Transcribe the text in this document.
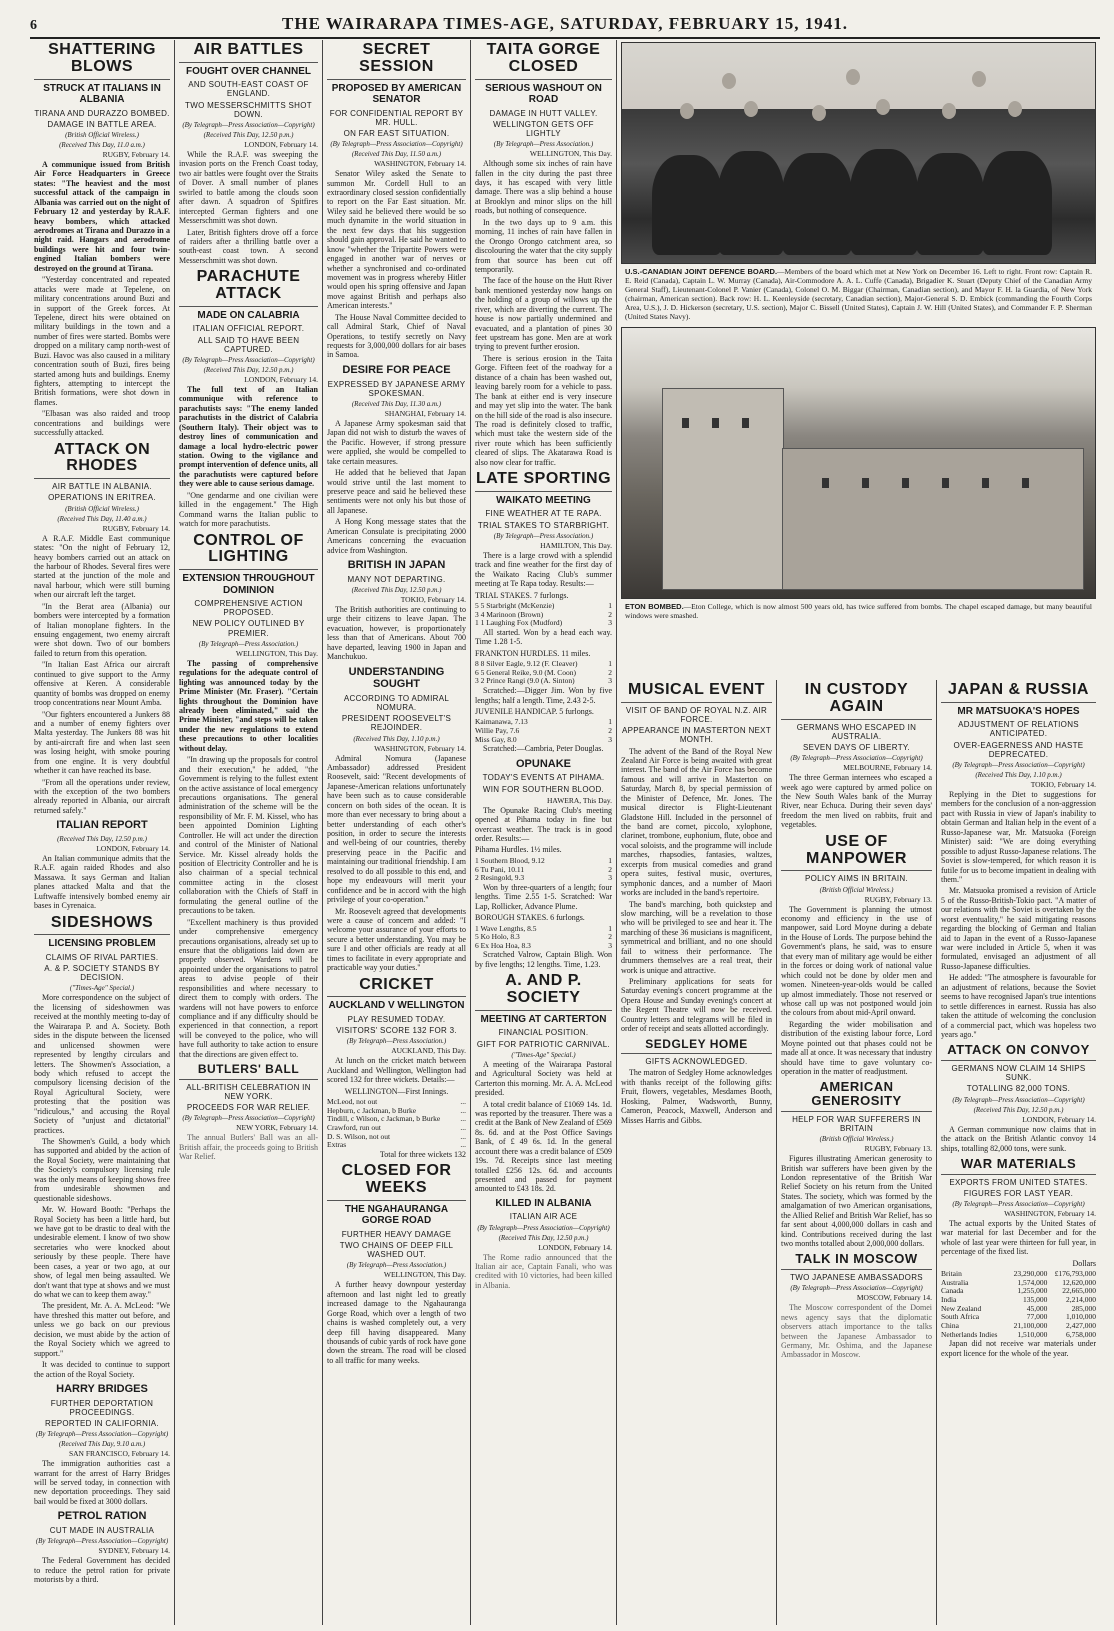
6	THE WAIRARAPA TIMES-AGE, SATURDAY, FEBRUARY 15, 1941.
SHATTERING BLOWS
STRUCK AT ITALIANS IN ALBANIA
TIRANA AND DURAZZO BOMBED.
DAMAGE IN BATTLE AREA.
(British Official Wireless.)
(Received This Day, 11.0 a.m.)
RUGBY, February 14.

A communique issued from British Air Force Headquarters in Greece states: "The heaviest and the most successful attack of the campaign in Albania was carried out on the night of February 12 and yesterday by R.A.F. heavy bombers, which attacked aerodromes at Tirana and Durazzo in a night raid. Hangars and aerodrome buildings were hit and four twin-engined Italian bombers were destroyed on the ground at Tirana.

"Yesterday concentrated and repeated attacks were made at Tepelene, on military concentrations around Buzi and in support of the Greek forces. At Tepelene, direct hits were obtained on military buildings in the town and a number of fires were started. Bombs were dropped on a military camp north-west of Buzi. Havoc was also caused in a military concentration south of Buzi, fires being started among huts and buildings. Enemy fighters, attempting to intercept the British formations, were shot down in flames.

"Elbasan was also raided and troop concentrations and buildings were successfully attacked.

ATTACK ON RHODES
AIR BATTLE IN ALBANIA.
OPERATIONS IN ERITREA.
(British Official Wireless.)
(Received This Day, 11.40 a.m.)
RUGBY, February 14.

A R.A.F. Middle East communique states: "On the night of February 12, heavy bombers carried out an attack on the harbour of Rhodes. Several fires were started at the junction of the mole and naval harbour, which were still burning when our aircraft left the target.

"In the Berat area (Albania) our bombers were intercepted by a formation of Italian monoplane fighters. In the ensuing engagement, two enemy aircraft were shot down. Two of our bombers failed to return from this operation.

"In Italian East Africa our aircraft continued to give support to the Army offensive at Keren. A considerable quantity of bombs was dropped on enemy troop concentrations near Mount Amba.

"Our fighters encountered a Junkers 88 and a number of enemy fighters over Malta yesterday. The Junkers 88 was hit by anti-aircraft fire and when last seen was losing height, with smoke pouring from one engine. It is very doubtful whether it can have reached its base.

"From all the operations under review, with the exception of the two bombers already reported in Albania, our aircraft returned safely."

ITALIAN REPORT
(Received This Day, 12.50 p.m.)
LONDON, February 14.

An Italian communique admits that the R.A.F. again raided Rhodes and also Massawa. It says German and Italian planes attacked Malta and that the Luftwaffe intensively bombed enemy air bases in Cyrenaica.

SIDESHOWS
LICENSING PROBLEM
CLAIMS OF RIVAL PARTIES.
A. & P. SOCIETY STANDS BY DECISION.
("Times-Age" Special.)

More correspondence on the subject of the licensing of sideshowmen was received at the monthly meeting to-day of the Wairarapa P. and A. Society. Both sides in the dispute between the licensed and unlicensed showmen were represented by lengthy circulars and letters. The Showmen's Association, a body which refused to accept the compulsory licensing decision of the Royal Agricultural Society, were protesting that the position was "ridiculous," and accusing the Royal Society of "unjust and dictatorial" practices.

The Showmen's Guild, a body which has supported and abided by the action of the Royal Society, were maintaining that the Society's compulsory licensing rule was the only means of keeping shows free from undesirable showmen and questionable sideshows.

Mr. W. Howard Booth: "Perhaps the Royal Society has been a little hard, but we have got to be drastic to deal with the undesirable element. I know of two show secretaries who were knocked about seriously by these people. There have been cases, a year or two ago, at our show, of legal men being assaulted. We don't want that type at shows and we must do what we can to keep them away."

The president, Mr. A. A. McLeod: "We have threshed this matter out before, and unless we go back on our previous decision, we must abide by the action of the Royal Society which we agreed to support."

It was decided to continue to support the action of the Royal Society.

HARRY BRIDGES
FURTHER DEPORTATION PROCEEDINGS.
REPORTED IN CALIFORNIA.
(By Telegraph—Press Association—Copyright)
(Received This Day, 9.10 a.m.)
SAN FRANCISCO, February 14.

The immigration authorities cast a warrant for the arrest of Harry Bridges will be served today, in connection with new deportation proceedings. They said bail would be fixed at 3000 dollars.

PETROL RATION
CUT MADE IN AUSTRALIA
(By Telegraph—Press Association—Copyright)
SYDNEY, February 14.

The Federal Government has decided to reduce the petrol ration for private motorists by a third.

AIR BATTLES
FOUGHT OVER CHANNEL
AND SOUTH-EAST COAST OF ENGLAND.
TWO MESSERSCHMITTS SHOT DOWN.
(By Telegraph—Press Association—Copyright)
(Received This Day, 12.50 p.m.)
LONDON, February 14.

While the R.A.F. was sweeping the invasion ports on the French Coast today, two air battles were fought over the Straits of Dover. A small number of planes swirled to battle among the clouds soon after dawn. A squadron of Spitfires intercepted German fighters and one Messerschmitt was shot down.

Later, British fighters drove off a force of raiders after a thrilling battle over a south-east coast town. A second Messerschmitt was shot down.

PARACHUTE ATTACK
MADE ON CALABRIA
ITALIAN OFFICIAL REPORT.
ALL SAID TO HAVE BEEN CAPTURED.
(By Telegraph—Press Association—Copyright)
(Received This Day, 12.50 p.m.)
LONDON, February 14.

The full text of an Italian communique with reference to parachutists says: "The enemy landed parachutists in the district of Calabria (Southern Italy). Their object was to destroy lines of communication and damage a local hydro-electric power station. Owing to the vigilance and prompt intervention of defence units, all the parachutists were captured before they were able to cause serious damage.

"One gendarme and one civilian were killed in the engagement." The High Command warns the Italian public to watch for more parachutists.

CONTROL OF LIGHTING
EXTENSION THROUGHOUT DOMINION
COMPREHENSIVE ACTION PROPOSED.
NEW POLICY OUTLINED BY PREMIER.
(By Telegraph—Press Association.)
WELLINGTON, This Day.

The passing of comprehensive regulations for the adequate control of lighting was announced today by the Prime Minister (Mr. Fraser). "Certain lights throughout the Dominion have already been eliminated," said the Prime Minister, "and steps will be taken under the new regulations to extend these precautions to other localities without delay.

"In drawing up the proposals for control and their execution," he added, "the Government is relying to the fullest extent on the active assistance of local emergency precautions organisations. The general administration of the scheme will be the responsibility of Mr. F. M. Kissel, who has been appointed Dominion Lighting Controller. He will act under the direction and control of the Minister of National Service. Mr. Kissel already holds the position of Electricity Controller and he is also chairman of a special technical committee acting in the closest collaboration with the Chiefs of Staff in formulating the general outline of the precautions to be taken.

"Excellent machinery is thus provided under comprehensive emergency precautions organisations, already set up to ensure that the obligations laid down are properly observed. Wardens will be appointed under the organisations to patrol areas to advise people of their responsibilities and where necessary to direct them to comply with orders. The wardens will not have powers to enforce compliance and if any difficulty should be experienced in that connection, a report will be conveyed to the police, who will have full authority to take action to ensure that the directions are given effect to.

BUTLERS' BALL
ALL-BRITISH CELEBRATION IN NEW YORK.
PROCEEDS FOR WAR RELIEF.
(By Telegraph—Press Association—Copyright)
NEW YORK, February 14.

The annual Butlers' Ball was an all-British affair, the proceeds going to British War Relief.

SECRET SESSION
PROPOSED BY AMERICAN SENATOR
FOR CONFIDENTIAL REPORT BY MR. HULL.
ON FAR EAST SITUATION.
(By Telegraph—Press Association—Copyright)
(Received This Day, 11.50 a.m.)
WASHINGTON, February 14.

Senator Wiley asked the Senate to summon Mr. Cordell Hull to an extraordinary closed session confidentially to report on the Far East situation. Mr. Wiley said he believed there would be so much dynamite in the world situation in the next few days that his suggestion should gain approval. He said he wanted to know "whether the Tripartite Powers were engaged in another war of nerves or whether a synchronised and co-ordinated movement was in progress whereby Hitler would open his spring offensive and Japan move against British and perhaps also American interests."

The House Naval Committee decided to call Admiral Stark, Chief of Naval Operations, to testify secretly on Navy requests for 3,000,000 dollars for air bases in Samoa.

DESIRE FOR PEACE
EXPRESSED BY JAPANESE ARMY SPOKESMAN.
(Received This Day, 11.30 a.m.)
SHANGHAI, February 14.

A Japanese Army spokesman said that Japan did not wish to disturb the waves of the Pacific. However, if strong pressure were applied, she would be compelled to take certain measures.

He added that he believed that Japan would strive until the last moment to preserve peace and said he believed these sentiments were not only his but those of all Japanese.

A Hong Kong message states that the American Consulate is precipitating 2000 Americans concerning the evacuation advice from Washington.

BRITISH IN JAPAN
MANY NOT DEPARTING.
(Received This Day, 12.50 p.m.)
TOKIO, February 14.

The British authorities are continuing to urge their citizens to leave Japan. The evacuation, however, is proportionately less than that of Americans. About 700 have departed, leaving 1900 in Japan and Manchukuo.

UNDERSTANDING SOUGHT
ACCORDING TO ADMIRAL NOMURA.
PRESIDENT ROOSEVELT'S REJOINDER.
(Received This Day, 1.10 p.m.)
WASHINGTON, February 14.

Admiral Nomura (Japanese Ambassador) addressed President Roosevelt, said: "Recent developments of Japanese-American relations unfortunately have been such as to cause considerable concern on both sides of the ocean. It is more than ever necessary to bring about a better understanding of each other's position, in order to secure the interests and well-being of our countries, thereby preserving peace in the Pacific and maintaining our traditional friendship. I am resolved to do all possible to this end, and hope my endeavours will merit your confidence and be in accord with the high privilege of your co-operation."

Mr. Roosevelt agreed that developments were a cause of concern and added: "I welcome your assurance of your efforts to secure a better understanding. You may be sure I and other officials are ready at all times to facilitate in every appropriate and practicable way your duties."

CRICKET
AUCKLAND V WELLINGTON
PLAY RESUMED TODAY.
VISITORS' SCORE 132 FOR 3.
(By Telegraph—Press Association.)
AUCKLAND, This Day.

At lunch on the cricket match between Auckland and Wellington, Wellington had scored 132 for three wickets. Details:—

WELLINGTON—First Innings.

McLeod, not out	...
Hepburn, c Jackman, b Burke	...
Tindill, c Wilson, c Jackman, b Burke	...
Crawford, run out	...
D. S. Wilson, not out	...
Extras	...

Total for three wickets 132

CLOSED FOR WEEKS
THE NGAHAURANGA GORGE ROAD
FURTHER HEAVY DAMAGE
TWO CHAINS OF DEEP FILL WASHED OUT.
(By Telegraph—Press Association.)
WELLINGTON, This Day.

A further heavy downpour yesterday afternoon and last night led to greatly increased damage to the Ngahauranga Gorge Road, which over a length of two chains is washed completely out, a very deep fill having disappeared. Many thousands of cubic yards of rock have gone down the stream. The road will be closed to all traffic for many weeks.

TAITA GORGE CLOSED
SERIOUS WASHOUT ON ROAD
DAMAGE IN HUTT VALLEY.
WELLINGTON GETS OFF LIGHTLY
(By Telegraph—Press Association.)
WELLINGTON, This Day.

Although some six inches of rain have fallen in the city during the past three days, it has escaped with very little damage. There was a slip behind a house at Brooklyn and minor slips on the hill roads, but nothing of consequence.

In the two days up to 9 a.m. this morning, 11 inches of rain have fallen in the Orongo Orongo catchment area, so discolouring the water that the city supply from that source has been cut off temporarily.

The face of the house on the Hutt River bank mentioned yesterday now hangs on the holding of a group of willows up the river, which are diverting the current. The house is now partially undermined and evacuated, and a plantation of pines 30 feet upstream has gone. Men are at work trying to prevent further erosion.

There is serious erosion in the Taita Gorge. Fifteen feet of the roadway for a distance of a chain has been washed out, leaving barely room for a vehicle to pass. The bank at either end is very insecure and may yet slip into the water. The bank on the hill side of the road is also insecure. The road is definitely closed to traffic, which must take the western side of the river route which has been sufficiently cleared of slips. The Akatarawa Road is also now clear for traffic.

LATE SPORTING
WAIKATO MEETING
FINE WEATHER AT TE RAPA.
TRIAL STAKES TO STARBRIGHT.
(By Telegraph—Press Association.)
HAMILTON, This Day.

There is a large crowd with a splendid track and fine weather for the first day of the Waikato Racing Club's summer meeting at Te Rapa today. Results:—

TRIAL STAKES. 7 furlongs.

5 5 Starbright (McKenzie)	1
3 4 Marinoon (Brown)	2
1 1 Laughing Fox (Mudford)	3

All started. Won by a head each way. Time 1.28 1-5.

FRANKTON HURDLES. 11 miles.

8 8 Silver Eagle, 9.12 (F. Cleaver)	1
6 5 General Reike, 9.0 (M. Coon)	2
3 2 Prince Rangi (9.0 (A. Sinton)	3

Scratched:—Digger Jim. Won by five lengths; half a length. Time, 2.43 2-5.

JUVENILE HANDICAP. 5 furlongs.

Kaimanawa, 7.13	1
Willie Pay, 7.6	2
Miss Gay, 8.0	3

Scratched:—Cambria, Peter Douglas.

OPUNAKE
TODAY'S EVENTS AT PIHAMA.
WIN FOR SOUTHERN BLOOD.
HAWERA, This Day.

The Opunake Racing Club's meeting opened at Pihama today in fine but overcast weather. The track is in good order. Results:—

Pihama Hurdles. 1½ miles.

1 Southern Blood, 9.12	1
6 Tu Pani, 10.11	2
2 Resingold, 9.3	3

Won by three-quarters of a length; four lengths. Time 2.55 1-5. Scratched: War Lap, Rollicker, Advance Plume.

BOROUGH STAKES. 6 furlongs.

1 Wave Lengths, 8.5	1
5 Ko Holo, 8.3	2
6 Ex Hoa Hoa, 8.3	3

Scratched Valrow, Captain Bligh. Won by five lengths; 12 lengths. Time, 1.23.

A. AND P. SOCIETY
MEETING AT CARTERTON
FINANCIAL POSITION.
GIFT FOR PATRIOTIC CARNIVAL.
("Times-Age" Special.)

A meeting of the Wairarapa Pastoral and Agricultural Society was held at Carterton this morning. Mr. A. A. McLeod presided.

A total credit balance of £1069 14s. 1d. was reported by the treasurer. There was a credit at the Bank of New Zealand of £569 8s. 6d. and at the Post Office Savings Bank, of £ 49 6s. 1d. In the general account there was a credit balance of £509 19s. 7d. Receipts since last meeting totalled £256 12s. 6d. and accounts presented and passed for payment amounted to £43 18s. 2d.

KILLED IN ALBANIA
ITALIAN AIR ACE
(By Telegraph—Press Association—Copyright)
(Received This Day, 12.50 p.m.)
LONDON, February 14.

The Rome radio announced that the Italian air ace, Captain Fanali, who was credited with 10 victories, had been killed in Albania.

U.S.-CANADIAN JOINT DEFENCE BOARD.—Members of the board which met at New York on December 16. Left to right. Front row: Captain R. E. Reid (Canada), Captain L. W. Murray (Canada), Air-Commodore A. A. L. Cuffe (Canada), Brigadier K. Stuart (Deputy Chief of the Canadian Army General Staff), Lieutenant-Colonel P. Vanier (Canada), Colonel O. M. Biggar (Chairman, Canadian section), and Mayor F. H. la Guardia, of New York (chairman, American section). Back row: H. L. Keenleyside (secretary, Canadian section), Major-General S. D. Embick (commanding the Fourth Corps Area, U.S.), J. D. Hickerson (secretary, U.S. section), Major C. Bissell (United States), Captain J. W. Hill (United States), and Commander F. P. Sherman (United States Navy).

ETON BOMBED.—Eton College, which is now almost 500 years old, has twice suffered from bombs. The chapel escaped damage, but many beautiful windows were smashed.

MUSICAL EVENT
VISIT OF BAND OF ROYAL N.Z. AIR FORCE.
APPEARANCE IN MASTERTON NEXT MONTH.

The advent of the Band of the Royal New Zealand Air Force is being awaited with great interest. The band of the Air Force has become famous and will arrive in Masterton on Saturday, March 8, by special permission of the Minister of Defence, Mr. Jones. The musical director is Flight-Lieutenant Gladstone Hill. Included in the personnel of the band are cornet, piccolo, xylophone, clarinet, trombone, euphonium, flute, oboe and vocal soloists, and the programme will include marches, rhapsodies, fantasies, waltzes, excerpts from musical comedies and grand opera suites, festival music, overtures, symphonic dances, and a number of Maori works are included in the band's repertoire.

The band's marching, both quickstep and slow marching, will be a revelation to those who will be privileged to see and hear it. The marching of these 36 musicians is magnificent, symmetrical and brilliant, and no one should fail to witness their performance. The drummers themselves are a real treat, their work is unique and attractive.

Preliminary applications for seats for Saturday evening's concert programme at the Opera House and Sunday evening's concert at the Regent Theatre will now be received. Country letters and telegrams will be filed in order of receipt and seats allotted accordingly.

SEDGLEY HOME
GIFTS ACKNOWLEDGED.

The matron of Sedgley Home acknowledges with thanks receipt of the following gifts: Fruit, flowers, vegetables, Mesdames Booth, Hosking, Palmer, Wadsworth, Bunny, Cameron, Peacock, Maxwell, Anderson and Misses Harris and Gibbs.

IN CUSTODY AGAIN
GERMANS WHO ESCAPED IN AUSTRALIA.
SEVEN DAYS OF LIBERTY.
(By Telegraph—Press Association—Copyright)
MELBOURNE, February 14.

The three German internees who escaped a week ago were captured by armed police on the New South Wales bank of the Murray River, near Echuca. During their seven days' freedom the men lived on rabbits, fruit and vegetables.

USE OF MANPOWER
POLICY AIMS IN BRITAIN.
(British Official Wireless.)
RUGBY, February 13.

The Government is planning the utmost economy and efficiency in the use of manpower, said Lord Moyne during a debate in the House of Lords. The purpose behind the Government's plans, he said, was to ensure that every man of military age would be either in the forces or doing work of national value which could not be done by older men and women. Nineteen-year-olds would be called up almost immediately. Those not reserved or whose call up was not postponed would join the colours from about mid-April onward.

Regarding the wider mobilisation and distribution of the existing labour force, Lord Moyne pointed out that phases could not be made all at once. It was necessary that industry should have time to gave voluntary co-operation in the matter of readjustment.

AMERICAN GENEROSITY
HELP FOR WAR SUFFERERS IN BRITAIN
(British Official Wireless.)
RUGBY, February 13.

Figures illustrating American generosity to British war sufferers have been given by the London representative of the British War Relief Society on his return from the United States. The society, which was formed by the amalgamation of two American organisations, the Allied Relief and British War Relief, has so far sent about 4,000,000 dollars in cash and kind. Contributions received during the last two months totalled about 2,000,000 dollars.

TALK IN MOSCOW
TWO JAPANESE AMBASSADORS
(By Telegraph—Press Association—Copyright)
MOSCOW, February 14.

The Moscow correspondent of the Domei news agency says that the diplomatic observers attach importance to the talks between the Japanese Ambassador to Germany, Mr. Oshima, and the Japanese Ambassador in Moscow.

JAPAN & RUSSIA
MR MATSUOKA'S HOPES
ADJUSTMENT OF RELATIONS ANTICIPATED.
OVER-EAGERNESS AND HASTE DEPRECATED.
(By Telegraph—Press Association—Copyright)
(Received This Day, 1.10 p.m.)
TOKIO, February 14.

Replying in the Diet to suggestions for members for the conclusion of a non-aggression pact with Russia in view of Japan's inability to obtain German and Italian help in the event of a Russo-Japanese war, Mr. Matsuoka (Foreign Minister) said: "We are doing everything possible to adjust Russo-Japanese relations. The Soviet is slow-tempered, for which reason it is futile for us to become impatient in dealing with them."

Mr. Matsuoka promised a revision of Article 5 of the Russo-British-Tokio pact. "A matter of our relations with the Soviet is overtaken by the worst eventuality," he said mitigating reasons regarding the blocking of German and Italian aid to Japan in the event of a Russo-Japanese war were included in Article 5, when it was formulated, envisaged an adjustment of all Russo-Japanese difficulties.

He added: "The atmosphere is favourable for an adjustment of relations, because the Soviet seems to have recognised Japan's true intentions to settle differences in earnest. Russia has also taken the attitude of welcoming the conclusion of a commercial pact, which was hopeless two years ago."

ATTACK ON CONVOY
GERMANS NOW CLAIM 14 SHIPS SUNK.
TOTALLING 82,000 TONS.
(By Telegraph—Press Association—Copyright)
(Received This Day, 12.50 p.m.)
LONDON, February 14.

A German communique now claims that in the attack on the British Atlantic convoy 14 ships, totalling 82,000 tons, were sunk.

WAR MATERIALS
EXPORTS FROM UNITED STATES.
FIGURES FOR LAST YEAR.
(By Telegraph—Press Association—Copyright)
WASHINGTON, February 14.

The actual exports by the United States of war material for last December and for the whole of last year were thirteen for full year, in percentage of the fixed list.

Dollars

Britain	23,290,000	£176,793,000
Australia	1,574,000	12,620,000
Canada	1,255,000	22,665,000
India	135,000	2,214,000
New Zealand	45,000	285,000
South Africa	77,000	1,010,000
China	21,100,000	2,427,000
Netherlands Indies	1,510,000	6,758,000

Japan did not receive war materials under export licence for the whole of the year.
